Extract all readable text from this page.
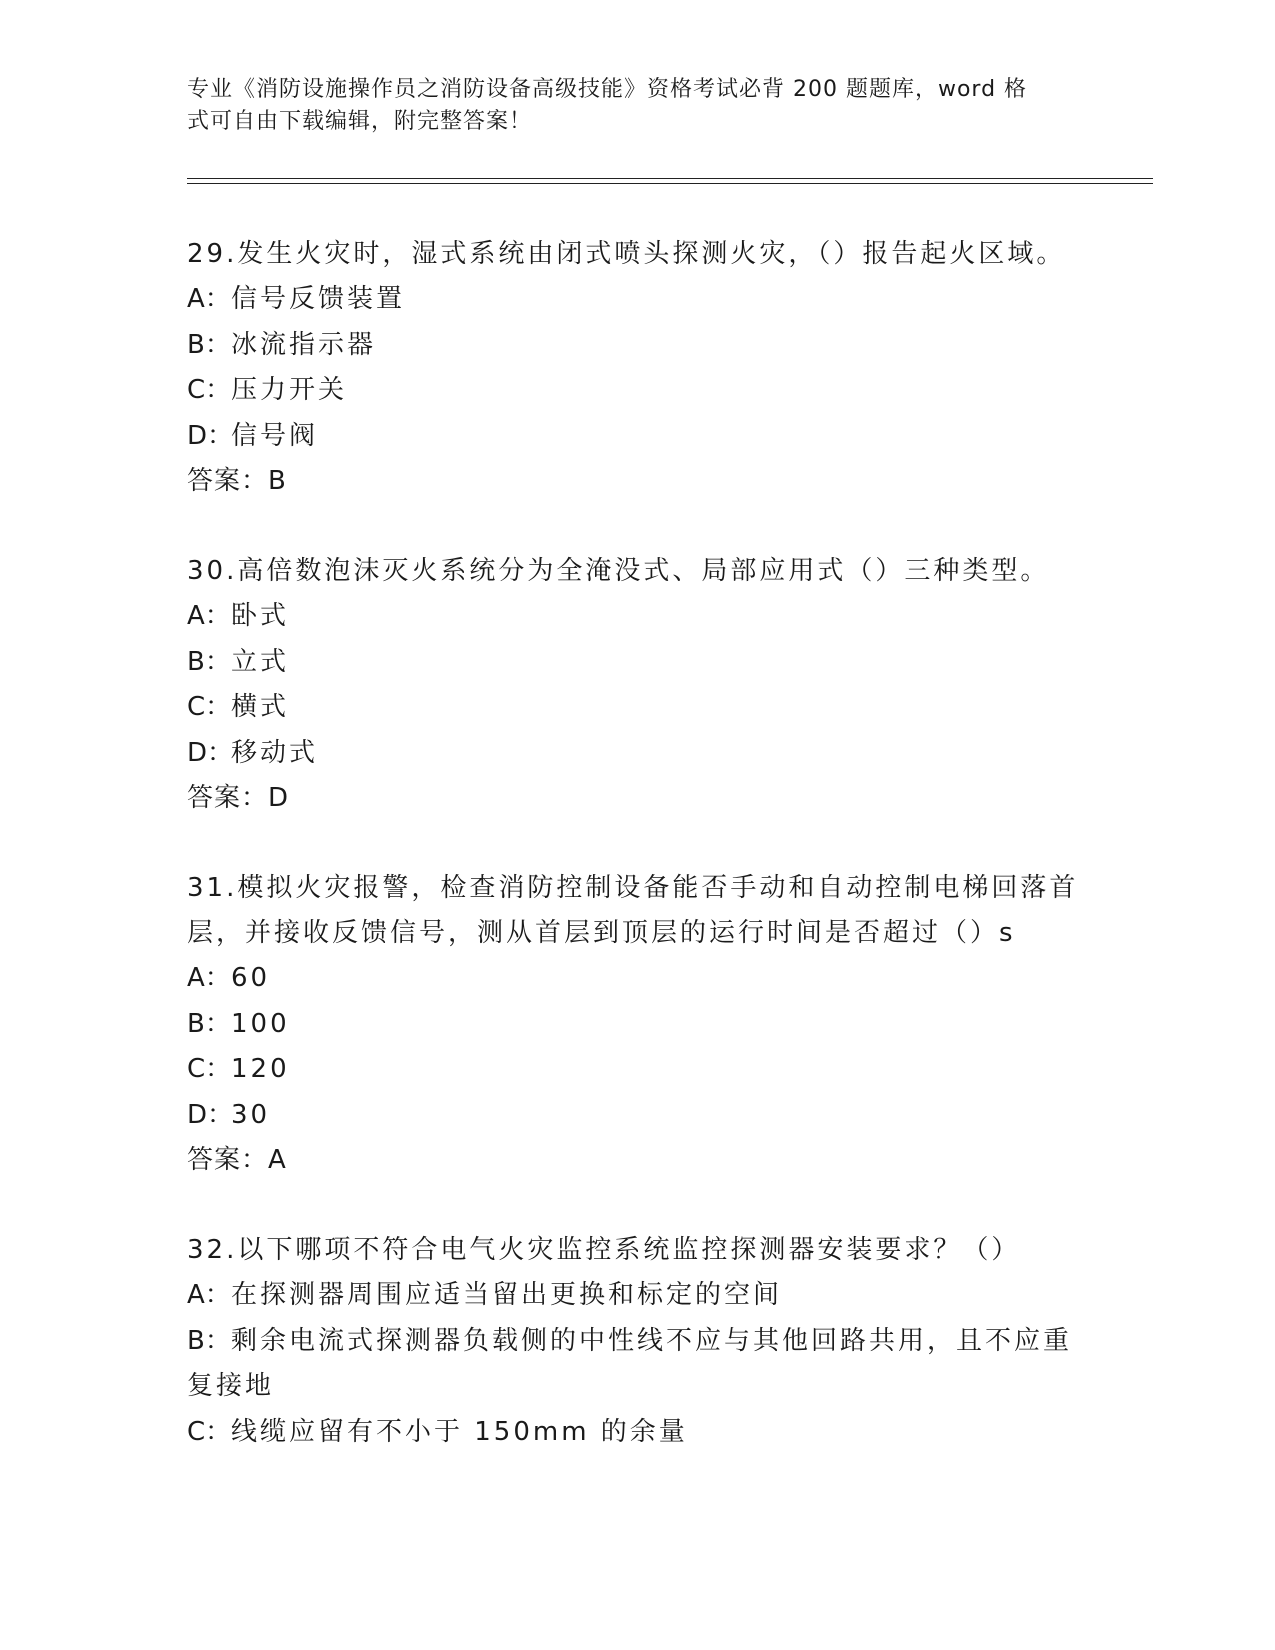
专业《消防设施操作员之消防设备高级技能》资格考试必背 200 题题库，word 格
式可自由下载编辑，附完整答案！
29.发生火灾时，湿式系统由闭式喷头探测火灾，（）报告起火区域。
A：信号反馈装置
B：冰流指示器
C：压力开关
D：信号阀
答案：B
30.高倍数泡沫灭火系统分为全淹没式、局部应用式（）三种类型。
A：卧式
B：立式
C：横式
D：移动式
答案：D
31.模拟火灾报警，检查消防控制设备能否手动和自动控制电梯回落首层，并接收反馈信号，测从首层到顶层的运行时间是否超过（）s
A：60
B：100
C：120
D：30
答案：A
32.以下哪项不符合电气火灾监控系统监控探测器安装要求？（）
A：在探测器周围应适当留出更换和标定的空间
B：剩余电流式探测器负载侧的中性线不应与其他回路共用，且不应重复接地
C：线缆应留有不小于 150mm 的余量
